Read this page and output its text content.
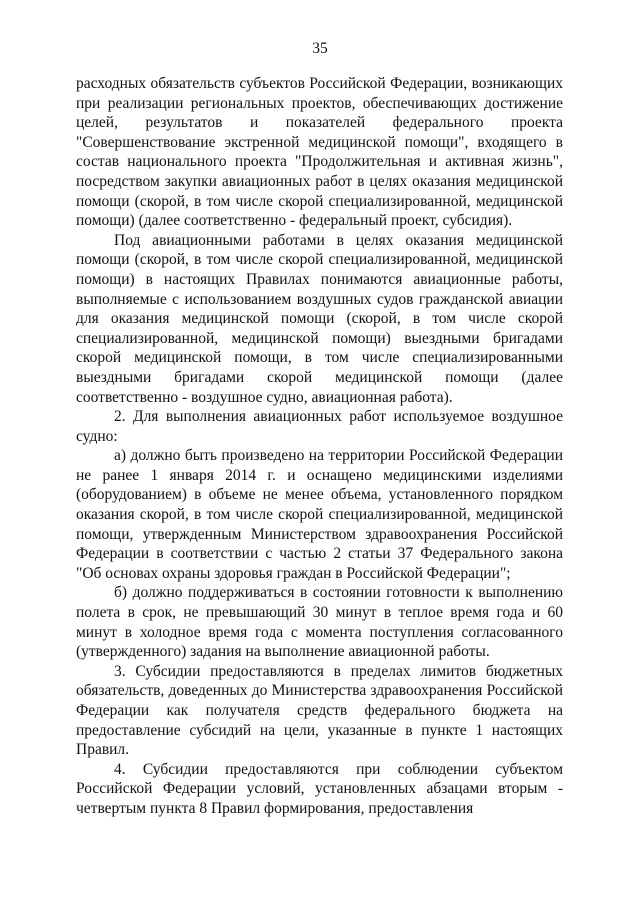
35

расходных обязательств субъектов Российской Федерации, возникающих при реализации региональных проектов, обеспечивающих достижение целей, результатов и показателей федерального проекта "Совершенствование экстренной медицинской помощи", входящего в состав национального проекта "Продолжительная и активная жизнь", посредством закупки авиационных работ в целях оказания медицинской помощи (скорой, в том числе скорой специализированной, медицинской помощи) (далее соответственно - федеральный проект, субсидия).

Под авиационными работами в целях оказания медицинской помощи (скорой, в том числе скорой специализированной, медицинской помощи) в настоящих Правилах понимаются авиационные работы, выполняемые с использованием воздушных судов гражданской авиации для оказания медицинской помощи (скорой, в том числе скорой специализированной, медицинской помощи) выездными бригадами скорой медицинской помощи, в том числе специализированными выездными бригадами скорой медицинской помощи (далее соответственно - воздушное судно, авиационная работа).

2. Для выполнения авиационных работ используемое воздушное судно:

а) должно быть произведено на территории Российской Федерации не ранее 1 января 2014 г. и оснащено медицинскими изделиями (оборудованием) в объеме не менее объема, установленного порядком оказания скорой, в том числе скорой специализированной, медицинской помощи, утвержденным Министерством здравоохранения Российской Федерации в соответствии с частью 2 статьи 37 Федерального закона "Об основах охраны здоровья граждан в Российской Федерации";

б) должно поддерживаться в состоянии готовности к выполнению полета в срок, не превышающий 30 минут в теплое время года и 60 минут в холодное время года с момента поступления согласованного (утвержденного) задания на выполнение авиационной работы.

3. Субсидии предоставляются в пределах лимитов бюджетных обязательств, доведенных до Министерства здравоохранения Российской Федерации как получателя средств федерального бюджета на предоставление субсидий на цели, указанные в пункте 1 настоящих Правил.

4. Субсидии предоставляются при соблюдении субъектом Российской Федерации условий, установленных абзацами вторым - четвертым пункта 8 Правил формирования, предоставления
